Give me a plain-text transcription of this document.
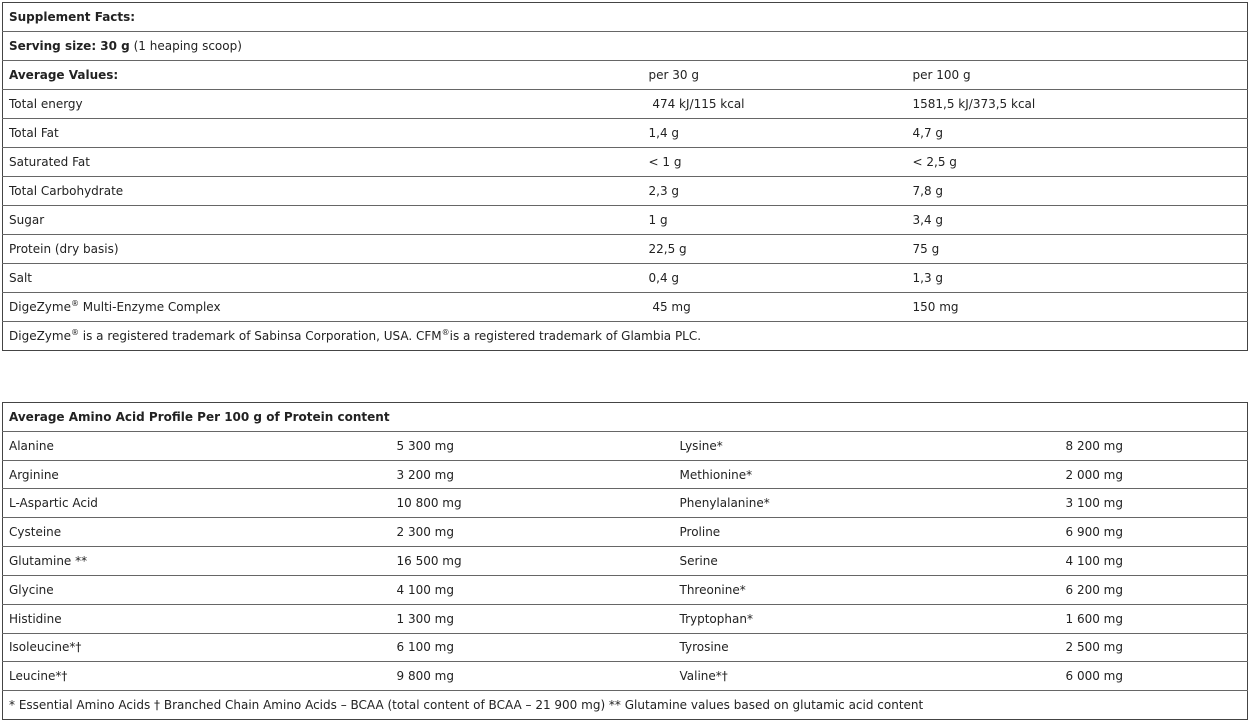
Supplement Facts:		
Serving size: 30 g (1 heaping scoop)		
Average Values:	per 30 g	per 100 g
Total energy	474 kJ/115 kcal	1581,5 kJ/373,5 kcal
Total Fat	1,4 g	4,7 g
Saturated Fat	< 1 g	< 2,5 g
Total Carbohydrate	2,3 g	7,8 g
Sugar	1 g	3,4 g
Protein (dry basis)	22,5 g	75 g
Salt	0,4 g	1,3 g
DigeZyme® Multi-Enzyme Complex	45 mg	150 mg
DigeZyme® is a registered trademark of Sabinsa Corporation, USA. CFM®is a registered trademark of Glambia PLC.		
Average Amino Acid Profile Per 100 g of Protein content			
Alanine	5 300 mg	Lysine*	8 200 mg
Arginine	3 200 mg	Methionine*	2 000 mg
L-Aspartic Acid	10 800 mg	Phenylalanine*	3 100 mg
Cysteine	2 300 mg	Proline	6 900 mg
Glutamine **	16 500 mg	Serine	4 100 mg
Glycine	4 100 mg	Threonine*	6 200 mg
Histidine	1 300 mg	Tryptophan*	1 600 mg
Isoleucine*†	6 100 mg	Tyrosine	2 500 mg
Leucine*†	9 800 mg	Valine*†	6 000 mg
* Essential Amino Acids † Branched Chain Amino Acids – BCAA (total content of BCAA – 21 900 mg) ** Glutamine values based on glutamic acid content			
